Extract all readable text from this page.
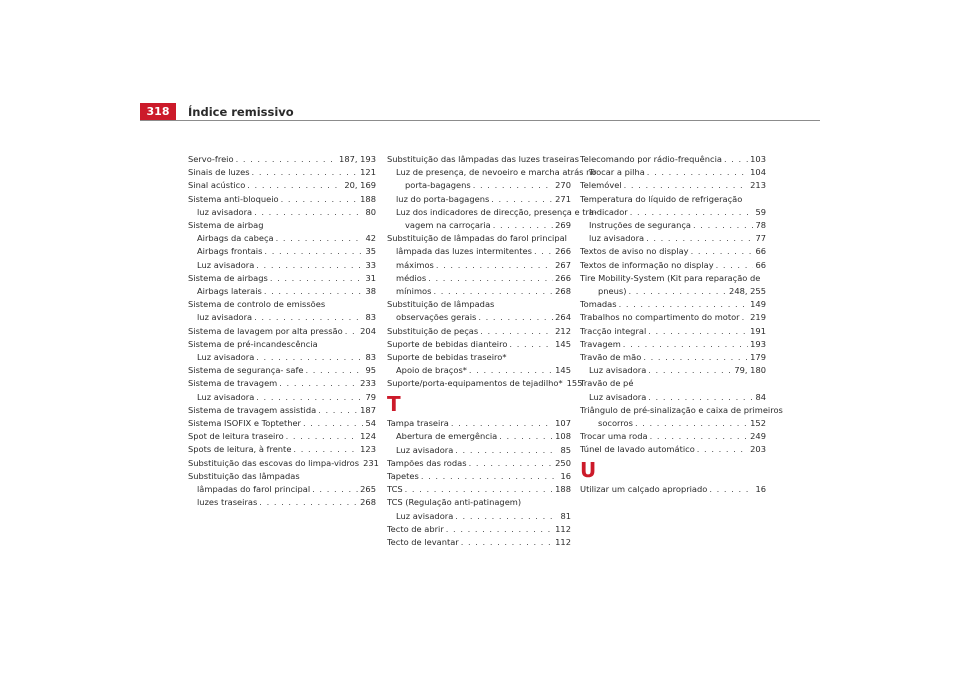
318	Índice remissivo
Servo-freio . . .	187, 193
Sinais de luzes . . .	121
Sinal acústico . . .	20, 169
Sistema anti-bloqueio . . .	188
luz avisadora . . .	80
Sistema de airbag
Airbags da cabeça . . .	42
Airbags frontais . . .	35
Luz avisadora . . .	33
Sistema de airbags . . .	31
Airbags laterais . . .	38
Sistema de controlo de emissões
luz avisadora . . .	83
Sistema de lavagem por alta pressão . . . 204
Sistema de pré-incandescência
Luz avisadora . . .	83
Sistema de segurança- safe . . .	95
Sistema de travagem . . .	233
Luz avisadora . . .	79
Sistema de travagem assistida . . .	187
Sistema ISOFIX e Toptether . . .	54
Spot de leitura traseiro . . .	124
Spots de leitura, à frente . . .	123
Substituição das escovas do limpa-vidros 231
Substituição das lâmpadas
lâmpadas do farol principal . . .	265
luzes traseiras . . .	268
Substituição das lâmpadas das luzes traseiras
Luz de presença, de nevoeiro e marcha atrás no
porta-bagagens . . .	270
luz do porta-bagagens . . .	271
Luz dos indicadores de direcção, presença e tra-
vagem na carroçaria . . .	269
Substituição de lâmpadas do farol principal
lâmpada das luzes intermitentes . . .	266
máximos . . .	267
médios . . .	266
mínimos . . .	268
Substituição de lâmpadas
observações gerais . . .	264
Substituição de peças . . .	212
Suporte de bebidas dianteiro . . .	145
Suporte de bebidas traseiro*
Apoio de braços* . . .	145
Suporte/porta-equipamentos de tejadilho* 155
T
Tampa traseira . . .	107
Abertura de emergência . . .	108
Luz avisadora . . .	85
Tampões das rodas . . .	250
Tapetes . . .	16
TCS . . .	188
TCS (Regulação anti-patinagem)
Luz avisadora . . .	81
Tecto de abrir . . .	112
Tecto de levantar . . .	112
Telecomando por rádio-frequência . . .	103
Trocar a pilha . . .	104
Telemóvel . . .	213
Temperatura do líquido de refrigeração
Indicador . . .	59
Instruções de segurança . . .	78
luz avisadora . . .	77
Textos de aviso no display . . .	66
Textos de informação no display . . .	66
Tire Mobility-System (Kit para reparação de
pneus) . . .	248, 255
Tomadas . . .	149
Trabalhos no compartimento do motor . . . 219
Tracção integral . . .	191
Travagem . . .	193
Travão de mão . . .	179
Luz avisadora . . .	79, 180
Travão de pé
Luz avisadora . . .	84
Triângulo de pré-sinalização e caixa de primeiros
socorros . . .	152
Trocar uma roda . . .	249
Túnel de lavado automático . . .	203
U
Utilizar um calçado apropriado . . .	16
